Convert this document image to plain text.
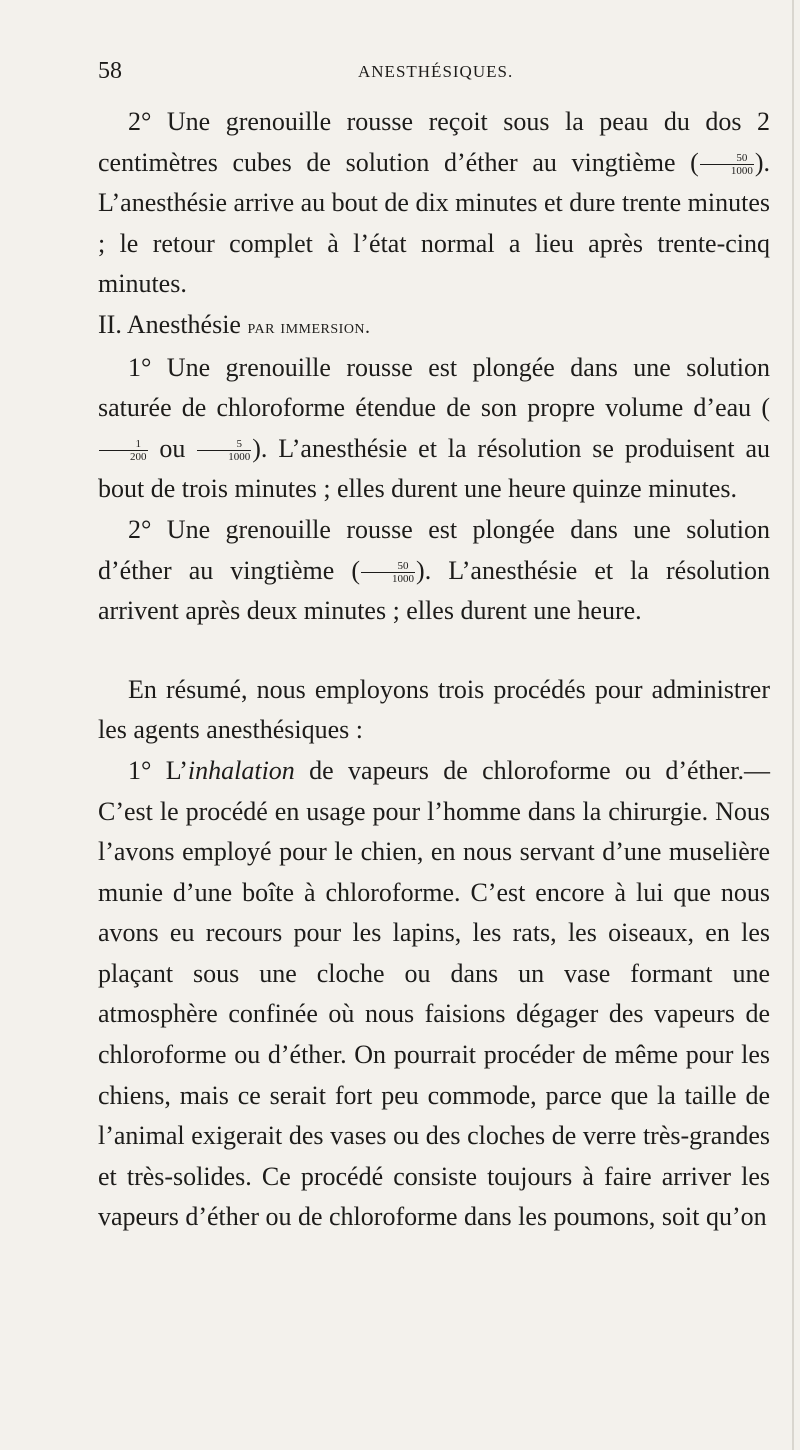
58	ANESTHÉSIQUES.

2° Une grenouille rousse reçoit sous la peau du dos 2 centimètres cubes de solution d’éther au vingtième ( $\frac{50}{1000}$ ). L’anesthésie arrive au bout de dix minutes et dure trente minutes ; le retour complet à l’état normal a lieu après trente-cinq minutes.

II. Anesthésie par immersion.

1° Une grenouille rousse est plongée dans une solution saturée de chloroforme étendue de son propre volume d’eau (
$\frac{1}{200}$ ou $\frac{5}{1000}$ ). L’anesthésie et la résolution se produisent au bout de trois minutes ; elles durent une heure quinze minutes.

2° Une grenouille rousse est plongée dans une solution d’éther au vingtième ( $\frac{50}{1000}$ ). L’anesthésie et la résolution arrivent après deux minutes ; elles durent une heure.

En résumé, nous employons trois procédés pour administrer les agents anesthésiques :

1° L’inhalation de vapeurs de chloroforme ou d’éther.— C’est le procédé en usage pour l’homme dans la chirurgie. Nous l’avons employé pour le chien, en nous servant d’une muselière munie d’une boîte à chloroforme. C’est encore à lui que nous avons eu recours pour les lapins, les rats, les oiseaux, en les plaçant sous une cloche ou dans un vase formant une atmosphère confinée où nous faisions dégager des vapeurs de chloroforme ou d’éther. On pourrait procéder de même pour les chiens, mais ce serait fort peu commode, parce que la taille de l’animal exigerait des vases ou des cloches de verre très-grandes et très-solides. Ce procédé consiste toujours à faire arriver les vapeurs d’éther ou de chloroforme dans les poumons, soit qu’on
